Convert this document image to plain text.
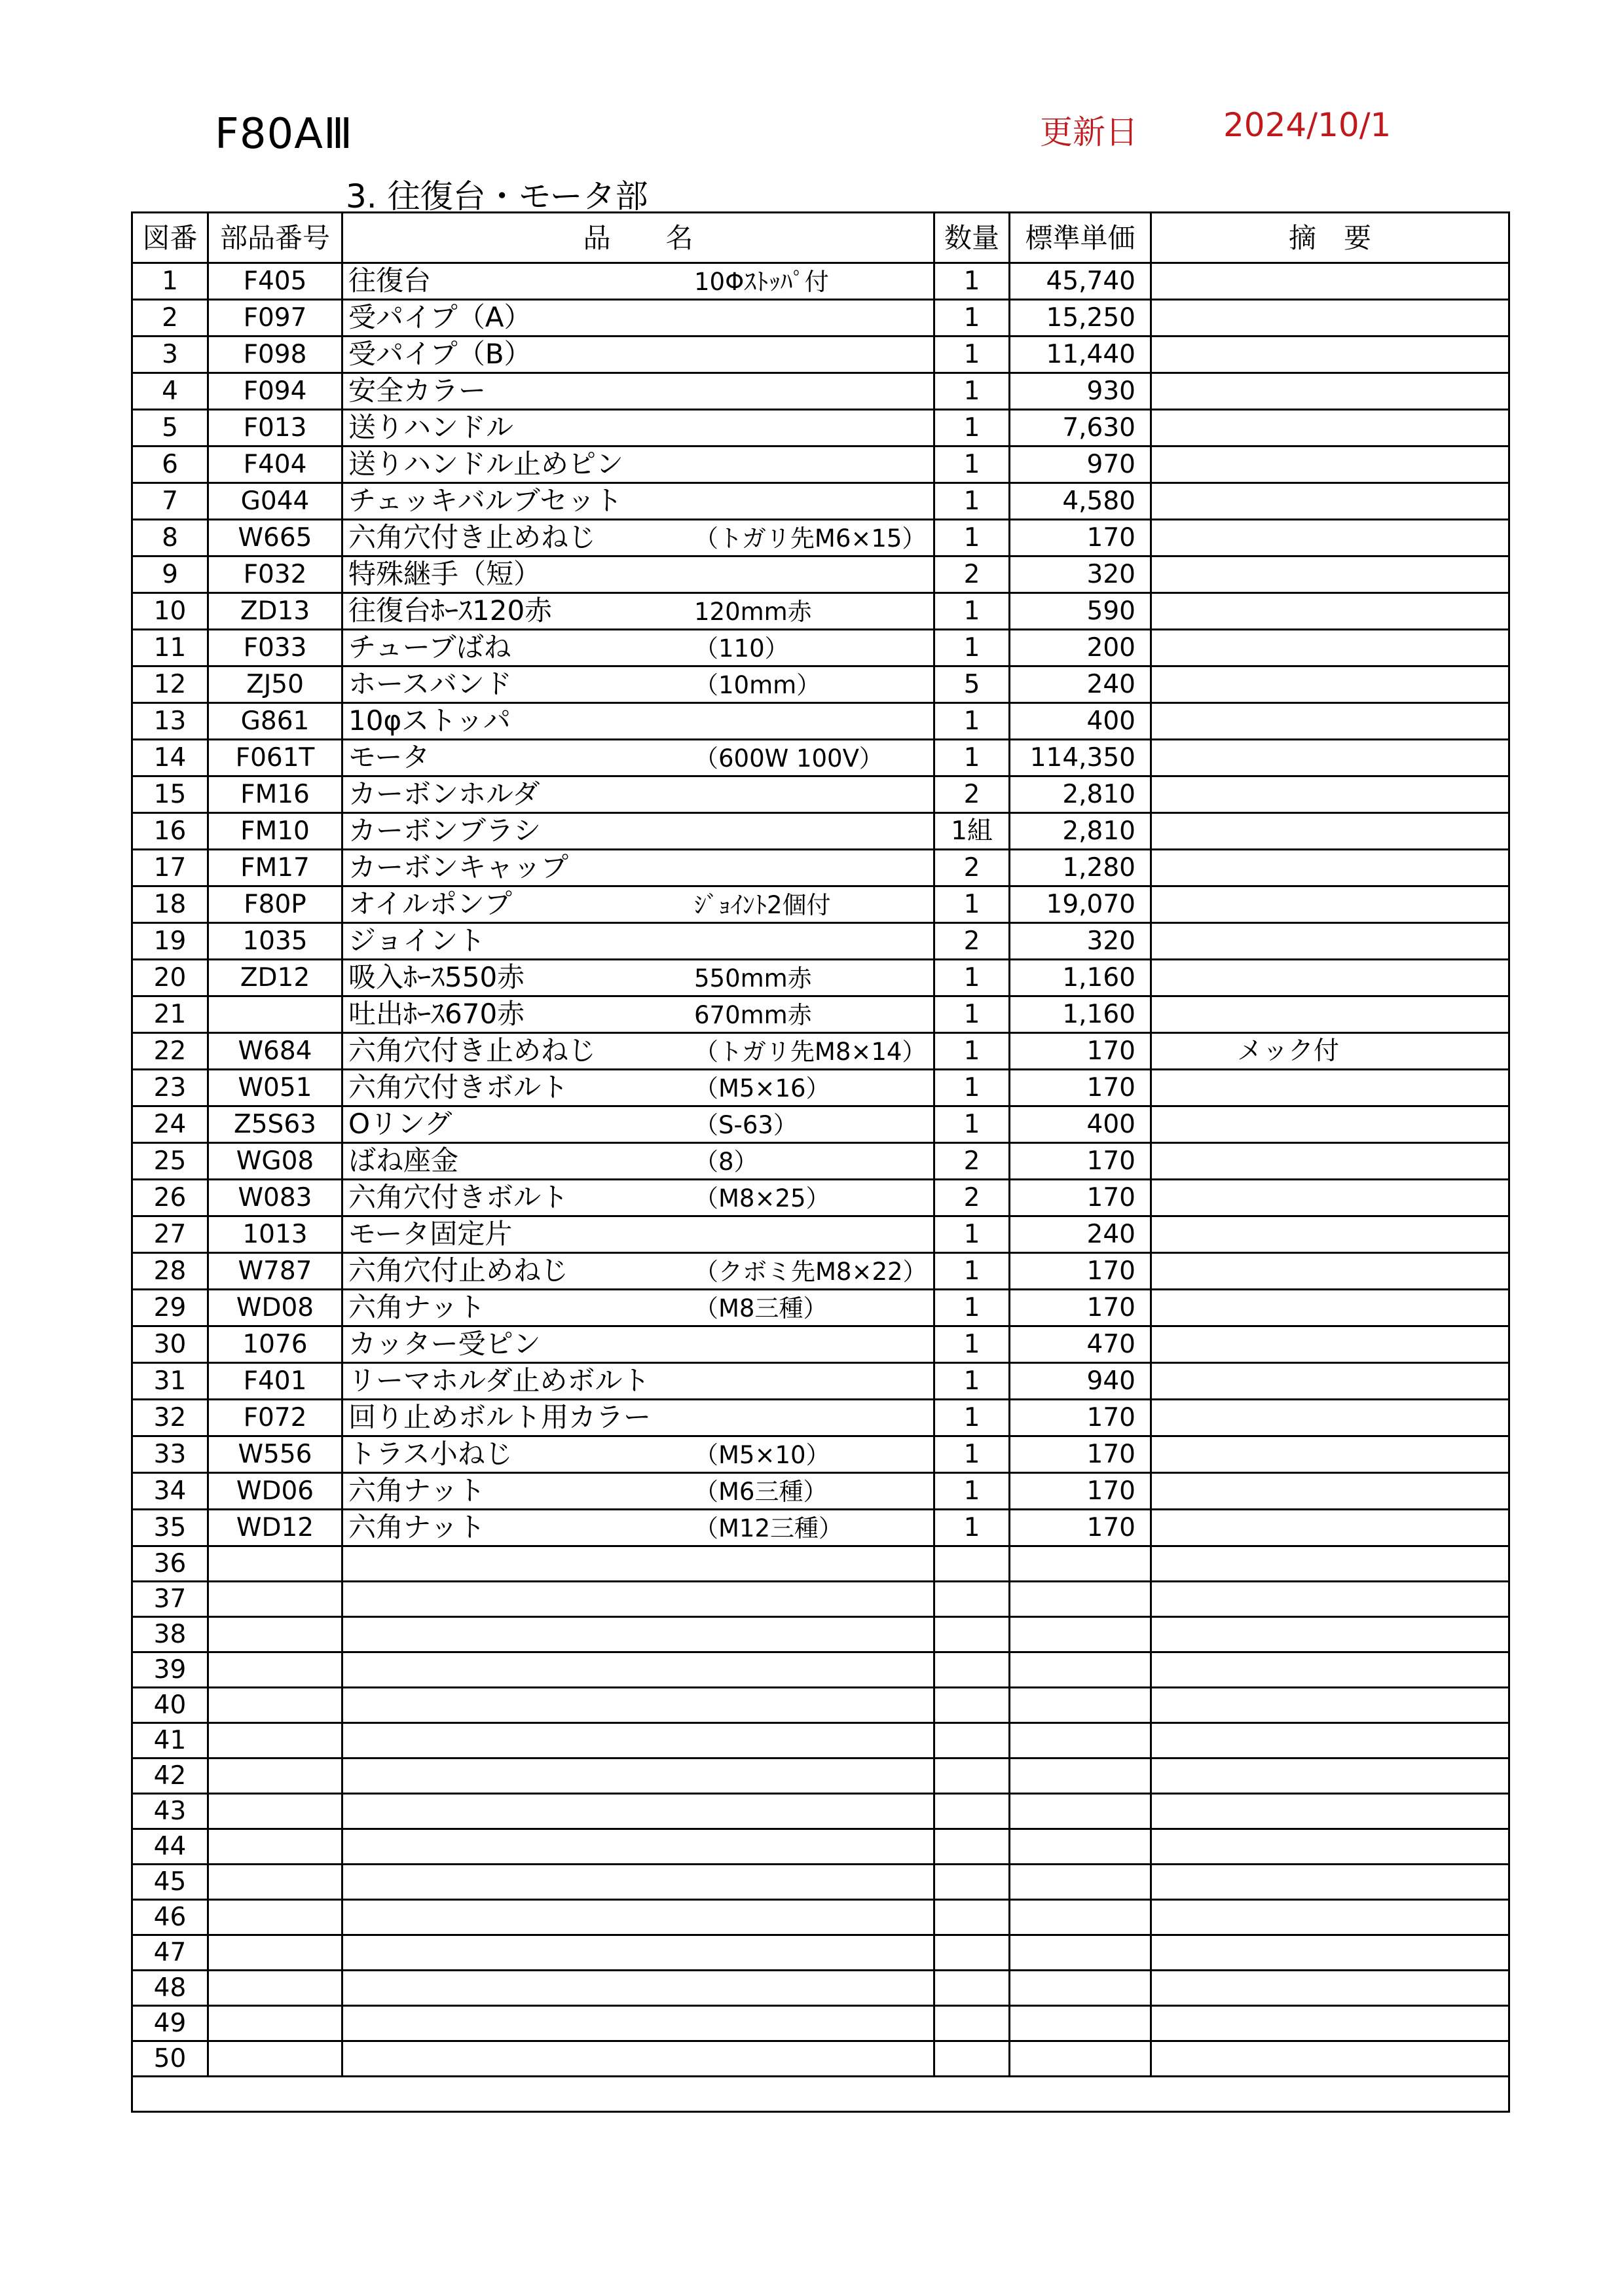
F80AⅢ	更新日	2024/10/1
3. 往復台・モータ部
図番	部品番号	品　　名	数量	標準単価	摘　要
1	F405	往復台 10Φｽﾄｯﾊﾟ付	1	45,740	
2	F097	受パイプ（A）	1	15,250	
3	F098	受パイプ（B）	1	11,440	
4	F094	安全カラー	1	930	
5	F013	送りハンドル	1	7,630	
6	F404	送りハンドル止めピン	1	970	
7	G044	チェッキバルブセット	1	4,580	
8	W665	六角穴付き止めねじ （トガリ先M6×15）	1	170	
9	F032	特殊継手（短）	2	320	
10	ZD13	往復台ﾎｰｽ120赤 120mm赤	1	590	
11	F033	チューブばね （110）	1	200	
12	ZJ50	ホースバンド （10mm）	5	240	
13	G861	10φストッパ	1	400	
14	F061T	モータ （600W 100V）	1	114,350	
15	FM16	カーボンホルダ	2	2,810	
16	FM10	カーボンブラシ	1組	2,810	
17	FM17	カーボンキャップ	2	1,280	
18	F80P	オイルポンプ ｼﾞｮｲﾝﾄ2個付	1	19,070	
19	1035	ジョイント	2	320	
20	ZD12	吸入ﾎｰｽ550赤 550mm赤	1	1,160	
21		吐出ﾎｰｽ670赤 670mm赤	1	1,160	
22	W684	六角穴付き止めねじ （トガリ先M8×14）	1	170	メック付
23	W051	六角穴付きボルト （M5×16）	1	170	
24	Z5S63	Oリング （S-63）	1	400	
25	WG08	ばね座金 （8）	2	170	
26	W083	六角穴付きボルト （M8×25）	2	170	
27	1013	モータ固定片	1	240	
28	W787	六角穴付止めねじ （クボミ先M8×22）	1	170	
29	WD08	六角ナット （M8三種）	1	170	
30	1076	カッター受ピン	1	470	
31	F401	リーマホルダ止めボルト	1	940	
32	F072	回り止めボルト用カラー	1	170	
33	W556	トラス小ねじ （M5×10）	1	170	
34	WD06	六角ナット （M6三種）	1	170	
35	WD12	六角ナット （M12三種）	1	170	
36					
37					
38					
39					
40					
41					
42					
43					
44					
45					
46					
47					
48					
49					
50					
